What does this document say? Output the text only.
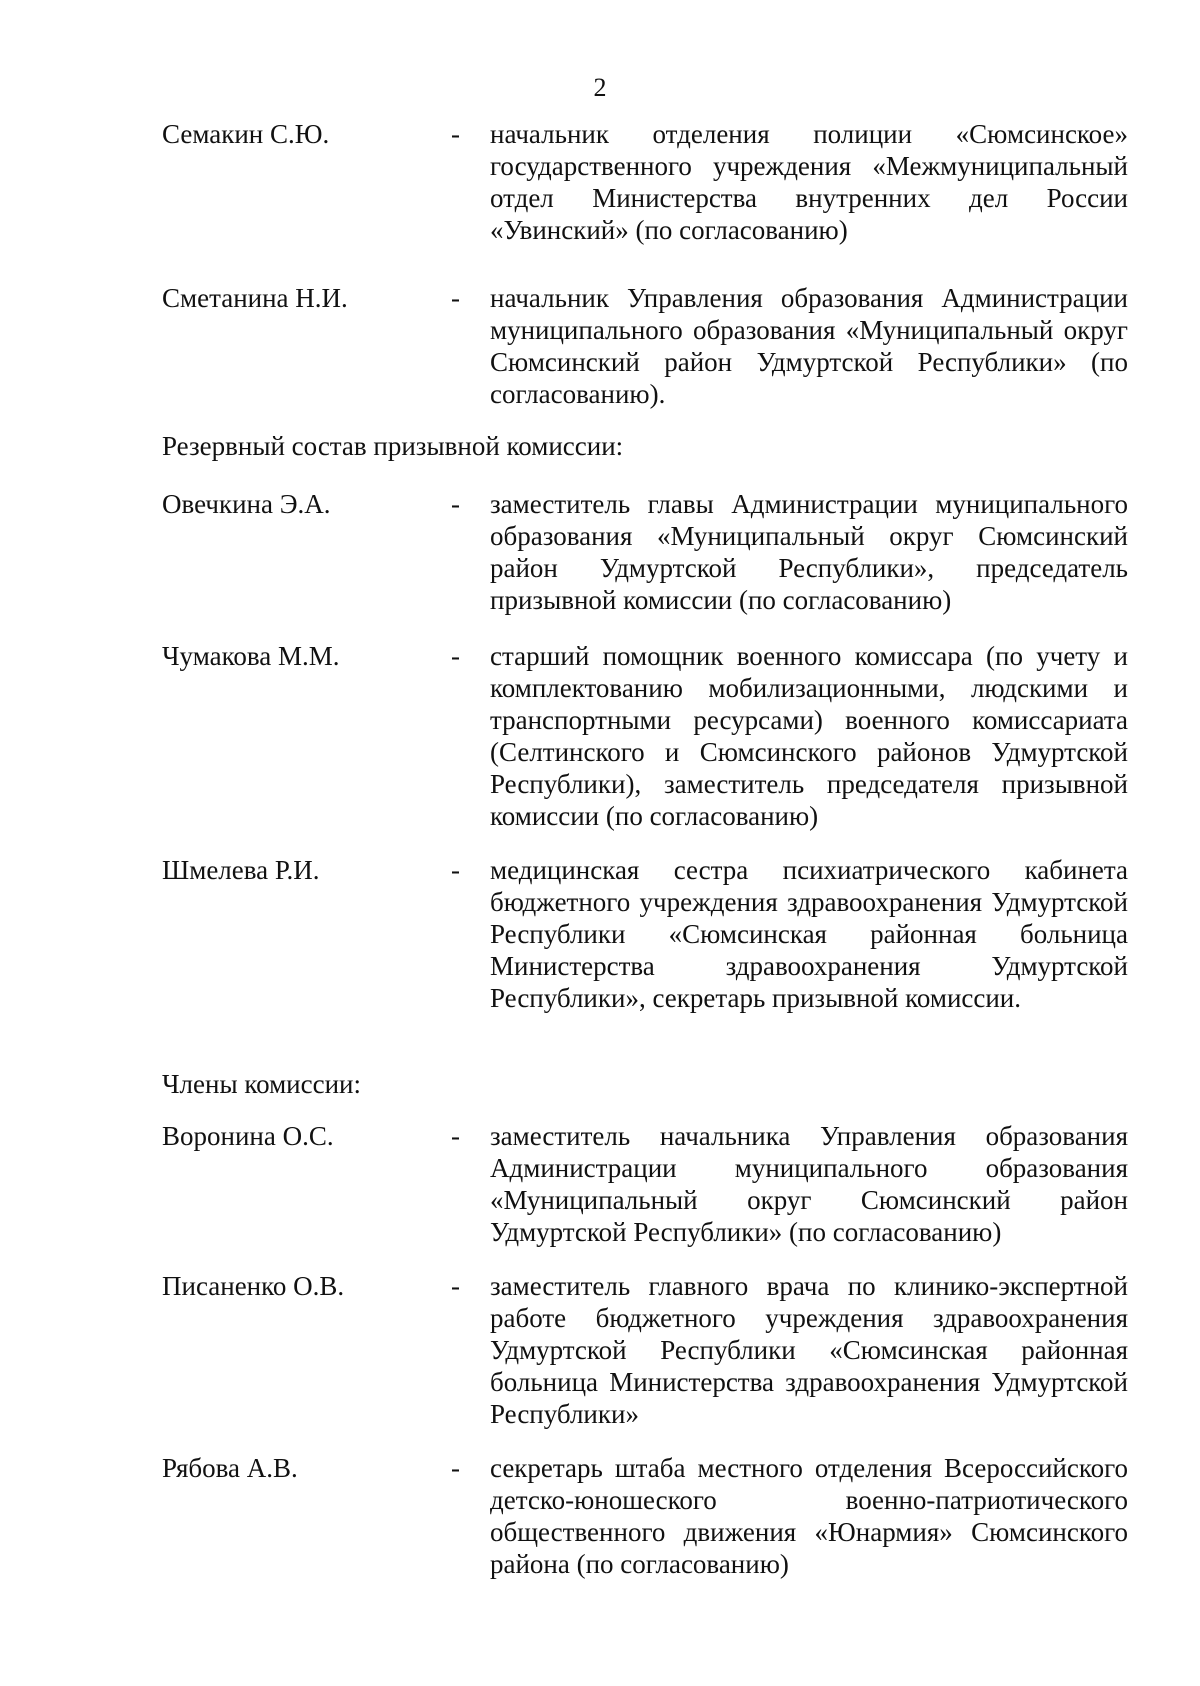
2
Семакин С.Ю.	- начальник отделения полиции «Сюмсинское» государственного учреждения «Межмуниципальный отдел Министерства внутренних дел России «Увинский» (по согласованию)
Сметанина Н.И.	- начальник Управления образования Администрации муниципального образования «Муниципальный округ Сюмсинский район Удмуртской Республики» (по согласованию).
Резервный состав призывной комиссии:
Овечкина Э.А.	- заместитель главы Администрации муниципального образования «Муниципальный округ Сюмсинский район Удмуртской Республики», председатель призывной комиссии (по согласованию)
Чумакова М.М.	- старший помощник военного комиссара (по учету и комплектованию мобилизационными, людскими и транспортными ресурсами) военного комиссариата (Селтинского и Сюмсинского районов Удмуртской Республики), заместитель председателя призывной комиссии (по согласованию)
Шмелева Р.И.	- медицинская сестра психиатрического кабинета бюджетного учреждения здравоохранения Удмуртской Республики «Сюмсинская районная больница Министерства здравоохранения Удмуртской Республики», секретарь призывной комиссии.
Члены комиссии:
Воронина О.С.	- заместитель начальника Управления образования Администрации муниципального образования «Муниципальный округ Сюмсинский район Удмуртской Республики» (по согласованию)
Писаненко О.В.	- заместитель главного врача по клинико-экспертной работе бюджетного учреждения здравоохранения Удмуртской Республики «Сюмсинская районная больница Министерства здравоохранения Удмуртской Республики»
Рябова А.В.	- секретарь штаба местного отделения Всероссийского детско-юношеского военно-патриотического общественного движения «Юнармия» Сюмсинского района (по согласованию)
